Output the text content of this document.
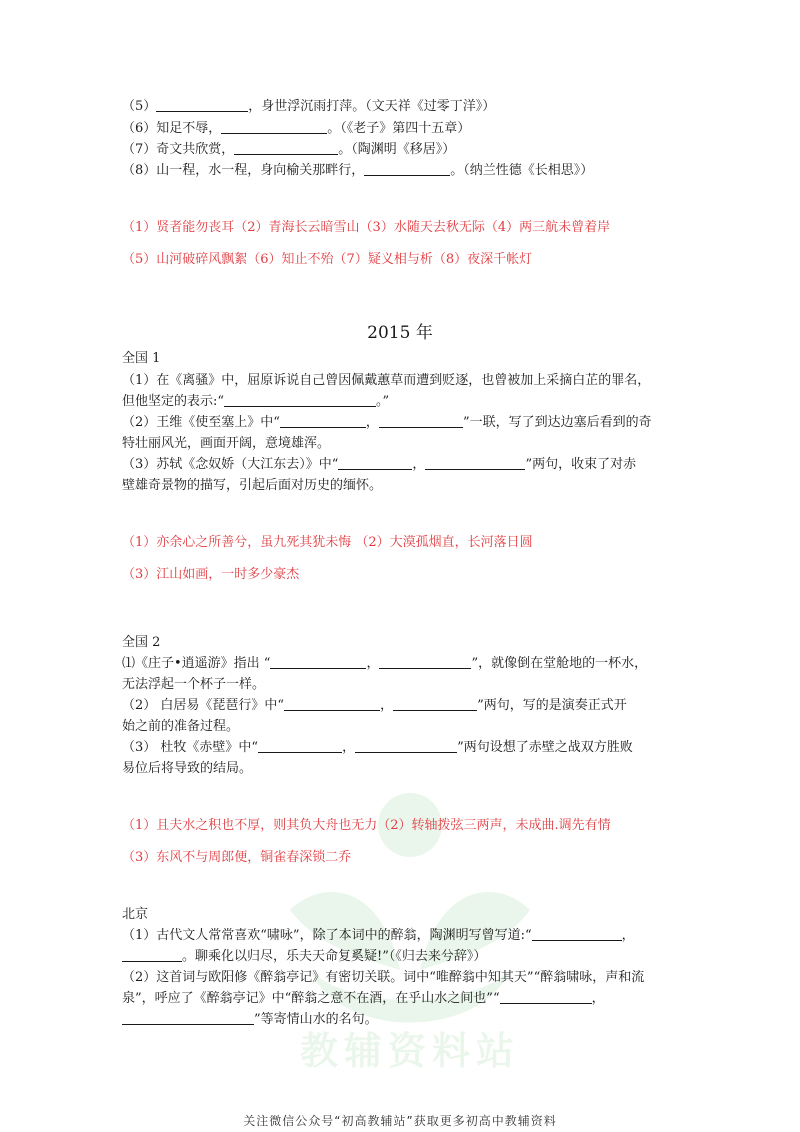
教辅资料站
（5）	，身世浮沉雨打萍。（文天祥《过零丁洋》）
（6）知足不辱，	。（《老子》第四十五章）
（7）奇文共欣赏，	。（陶渊明《移居》）
（8）山一程，水一程，身向榆关那畔行，	。（纳兰性德《长相思》）
（1）贤者能勿丧耳（2）青海长云暗雪山（3）水随天去秋无际（4）两三航未曾着岸
（5）山河破碎风飘絮（6）知止不殆（7）疑义相与析（8）夜深千帐灯
2015 年
全国 1
（1）在《离骚》中，屈原诉说自己曾因佩戴蕙草而遭到贬逐，也曾被加上采摘白芷的罪名，
但他坚定的表示:“	。”
（2）王维《使至塞上》中“	，	”一联，写了到达边塞后看到的奇
特壮丽风光，画面开阔，意境雄浑。
（3）苏轼《念奴娇（大江东去）》中“	，	”两句，收束了对赤
壁雄奇景物的描写，引起后面对历史的缅怀。
（1）亦余心之所善兮，虽九死其犹未悔 （2）大漠孤烟直，长河落日圆
（3）江山如画，一时多少豪杰
全国 2
⑴《庄子•逍遥游》指出 “	，	”，就像倒在堂舱地的一杯水，
无法浮起一个杯子一样。
（2） 白居易《琵琶行》中“	，	”两句，写的是演奏正式开
始之前的准备过程。
（3） 杜牧《赤壁》中“	，	”两句设想了赤壁之战双方胜败
易位后将导致的结局。
（1）且夫水之积也不厚，则其负大舟也无力（2）转轴拨弦三两声，未成曲.调先有情
（3）东风不与周郎便，铜雀春深锁二乔
北京
（1）古代文人常常喜欢“啸咏”，除了本词中的醉翁，陶渊明写曾写道:“	，
。聊乘化以归尽，乐夫天命复奚疑!”（《归去来兮辞》）
（2）这首词与欧阳修《醉翁亭记》有密切关联。词中“唯醉翁中知其天”“醉翁啸咏，声和流
泉”，呼应了《醉翁亭记》中“醉翁之意不在酒，在乎山水之间也”“	，
”等寄情山水的名句。
关注微信公众号“初高教辅站”获取更多初高中教辅资料
